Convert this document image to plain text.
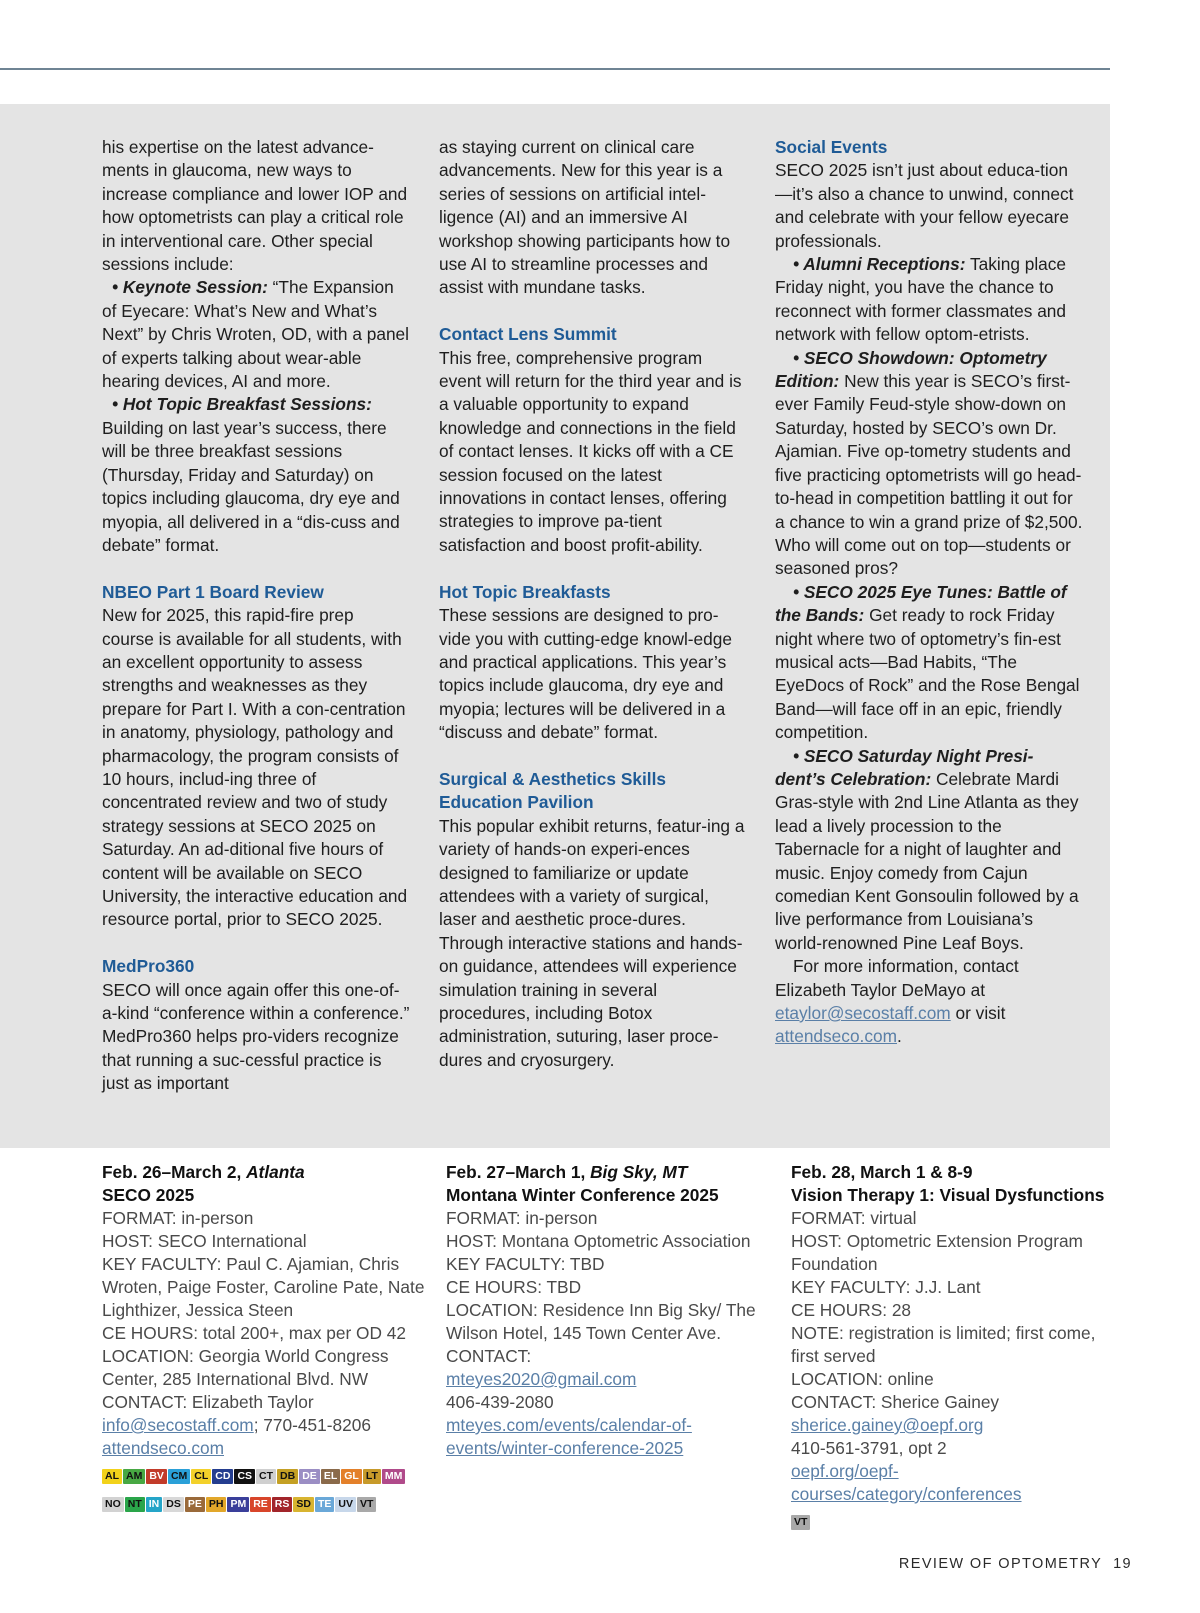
his expertise on the latest advance-ments in glaucoma, new ways to increase compliance and lower IOP and how optometrists can play a critical role in interventional care. Other special sessions include:

• Keynote Session: “The Expansion of Eyecare: What’s New and What’s Next” by Chris Wroten, OD, with a panel of experts talking about wear-able hearing devices, AI and more.

• Hot Topic Breakfast Sessions: Building on last year’s success, there will be three breakfast sessions (Thursday, Friday and Saturday) on topics including glaucoma, dry eye and myopia, all delivered in a “dis-cuss and debate” format.

NBEO Part 1 Board Review

New for 2025, this rapid-fire prep course is available for all students, with an excellent opportunity to assess strengths and weaknesses as they prepare for Part I. With a con-centration in anatomy, physiology, pathology and pharmacology, the program consists of 10 hours, includ-ing three of concentrated review and two of study strategy sessions at SECO 2025 on Saturday. An ad-ditional five hours of content will be available on SECO University, the interactive education and resource portal, prior to SECO 2025.

MedPro360

SECO will once again offer this one-of-a-kind “conference within a conference.” MedPro360 helps pro-viders recognize that running a suc-cessful practice is just as important

as staying current on clinical care advancements. New for this year is a series of sessions on artificial intel-ligence (AI) and an immersive AI workshop showing participants how to use AI to streamline processes and assist with mundane tasks.

Contact Lens Summit

This free, comprehensive program event will return for the third year and is a valuable opportunity to expand knowledge and connections in the field of contact lenses. It kicks off with a CE session focused on the latest innovations in contact lenses, offering strategies to improve pa-tient satisfaction and boost profit-ability.

Hot Topic Breakfasts

These sessions are designed to pro-vide you with cutting-edge knowl-edge and practical applications. This year’s topics include glaucoma, dry eye and myopia; lectures will be delivered in a “discuss and debate” format.

Surgical & Aesthetics Skills

Education Pavilion

This popular exhibit returns, featur-ing a variety of hands-on experi-ences designed to familiarize or update attendees with a variety of surgical, laser and aesthetic proce-dures. Through interactive stations and hands-on guidance, attendees will experience simulation training in several procedures, including Botox administration, suturing, laser proce-dures and cryosurgery.

Social Events

SECO 2025 isn’t just about educa-tion—it’s also a chance to unwind, connect and celebrate with your fellow eyecare professionals.

• Alumni Receptions: Taking place Friday night, you have the chance to reconnect with former classmates and network with fellow optom-etrists.

• SECO Showdown: Optometry Edition: New this year is SECO’s first-ever Family Feud-style show-down on Saturday, hosted by SECO’s own Dr. Ajamian. Five op-tometry students and five practicing optometrists will go head-to-head in competition battling it out for a chance to win a grand prize of $2,500. Who will come out on top—students or seasoned pros?

• SECO 2025 Eye Tunes: Battle of the Bands: Get ready to rock Friday night where two of optometry’s fin-est musical acts—Bad Habits, “The EyeDocs of Rock” and the Rose Bengal Band—will face off in an epic, friendly competition.

• SECO Saturday Night Presi-dent’s Celebration: Celebrate Mardi Gras-style with 2nd Line Atlanta as they lead a lively procession to the Tabernacle for a night of laughter and music. Enjoy comedy from Cajun comedian Kent Gonsoulin followed by a live performance from Louisiana’s world-renowned Pine Leaf Boys.

For more information, contact Elizabeth Taylor DeMayo at etaylor@secostaff.com or visit attendseco.com.

Feb. 26–March 2, Atlanta
SECO 2025
FORMAT: in-person
HOST: SECO International
KEY FACULTY: Paul C. Ajamian, Chris Wroten, Paige Foster, Caroline Pate, Nate Lighthizer, Jessica Steen
CE HOURS: total 200+, max per OD 42
LOCATION: Georgia World Congress Center, 285 International Blvd. NW
CONTACT: Elizabeth Taylor
info@secostaff.com; 770-451-8206
attendseco.com
AL AM BV CM CL CD CS CT DB DE EL GL LT MMNO NT IN DS PE PH PM RE RS SD TE UV VT
Feb. 27–March 1, Big Sky, MT
Montana Winter Conference 2025
FORMAT: in-person
HOST: Montana Optometric Association
KEY FACULTY: TBD
CE HOURS: TBD
LOCATION: Residence Inn Big Sky/ The Wilson Hotel, 145 Town Center Ave.
CONTACT:
mteyes2020@gmail.com
406-439-2080
mteyes.com/events/calendar-of-events/winter-conference-2025
Feb. 28, March 1 & 8-9
Vision Therapy 1: Visual Dysfunctions
FORMAT: virtual
HOST: Optometric Extension Program Foundation
KEY FACULTY: J.J. Lant
CE HOURS: 28
NOTE: registration is limited; first come, first served
LOCATION: online
CONTACT: Sherice Gainey
sherice.gainey@oepf.org
410-561-3791, opt 2
oepf.org/oepf-courses/category/conferences
VT
REVIEW OF OPTOMETRY 19
